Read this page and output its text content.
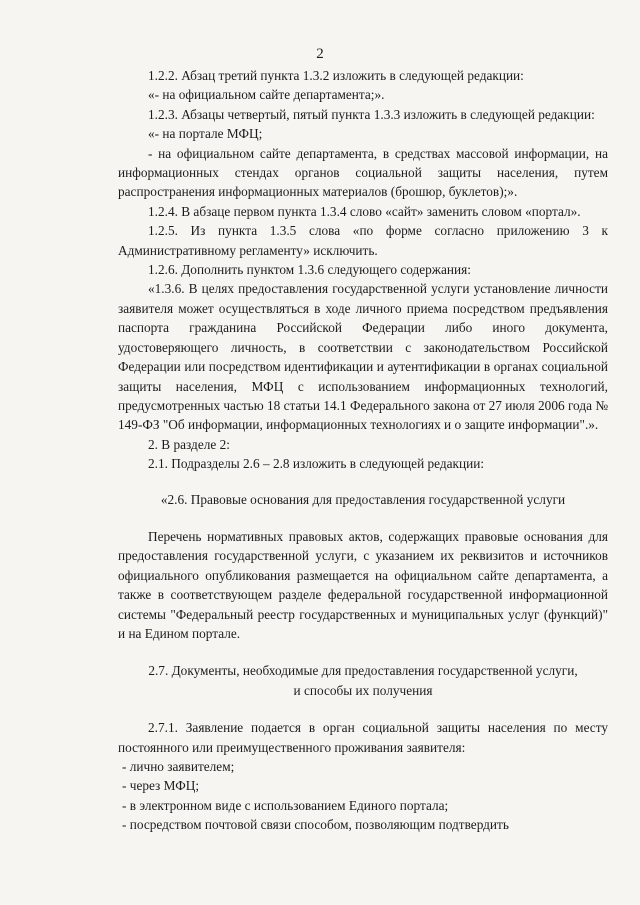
2

1.2.2. Абзац третий пункта 1.3.2 изложить в следующей редакции:

«- на официальном сайте департамента;».

1.2.3. Абзацы четвертый, пятый пункта 1.3.3 изложить в следующей редакции:

«- на портале МФЦ;

- на официальном сайте департамента, в средствах массовой информации, на информационных стендах органов социальной защиты населения, путем распространения информационных материалов (брошюр, буклетов);».

1.2.4. В абзаце первом пункта 1.3.4 слово «сайт» заменить словом «портал».

1.2.5. Из пункта 1.3.5 слова «по форме согласно приложению 3 к Административному регламенту» исключить.

1.2.6. Дополнить пунктом 1.3.6 следующего содержания:

«1.3.6. В целях предоставления государственной услуги установление личности заявителя может осуществляться в ходе личного приема посредством предъявления паспорта гражданина Российской Федерации либо иного документа, удостоверяющего личность, в соответствии с законодательством Российской Федерации или посредством идентификации и аутентификации в органах социальной защиты населения, МФЦ с использованием информационных технологий, предусмотренных частью 18 статьи 14.1 Федерального закона от 27 июля 2006 года № 149-ФЗ "Об информации, информационных технологиях и о защите информации".».

2. В разделе 2:

2.1. Подразделы 2.6 – 2.8 изложить в следующей редакции:

«2.6. Правовые основания для предоставления государственной услуги

Перечень нормативных правовых актов, содержащих правовые основания для предоставления государственной услуги, с указанием их реквизитов и источников официального опубликования размещается на официальном сайте департамента, а также в соответствующем разделе федеральной государственной информационной системы "Федеральный реестр государственных и муниципальных услуг (функций)" и на Едином портале.

2.7. Документы, необходимые для предоставления государственной услуги,
и способы их получения

2.7.1. Заявление подается в орган социальной защиты населения по месту постоянного или преимущественного проживания заявителя:

- лично заявителем;

- через МФЦ;

- в электронном виде с использованием Единого портала;

- посредством почтовой связи способом, позволяющим подтвердить
